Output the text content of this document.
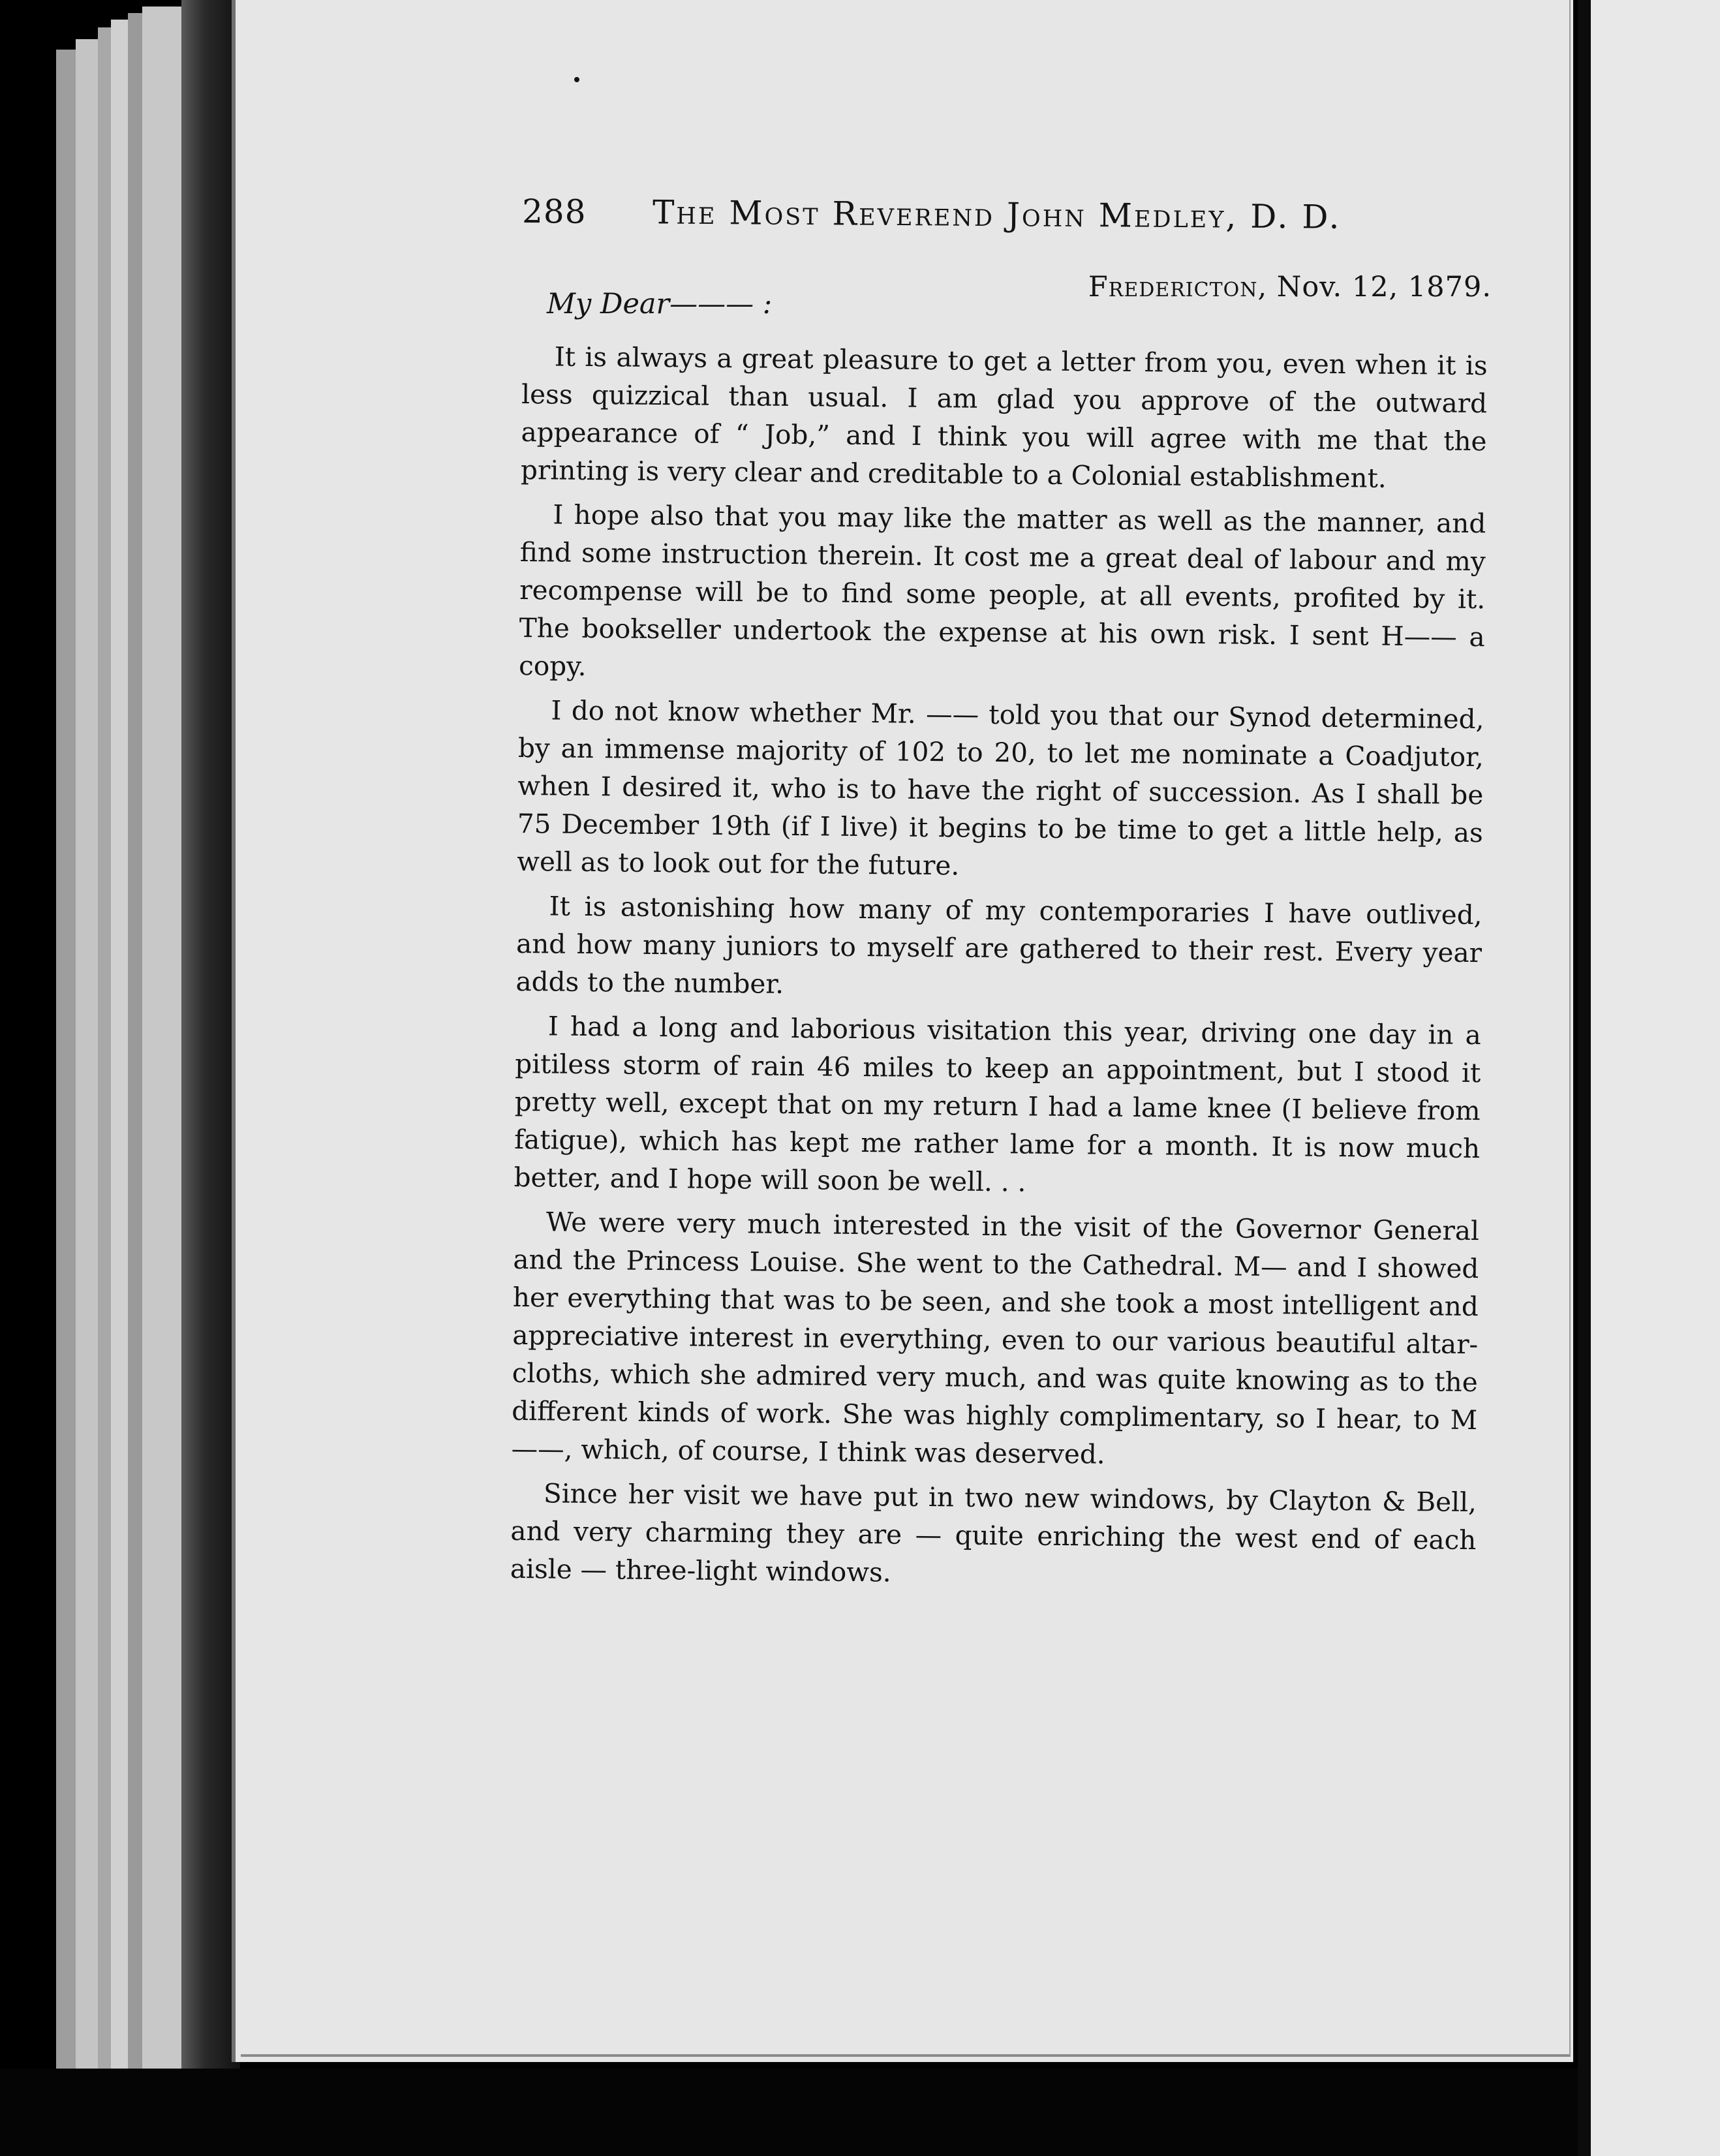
288	The Most Reverend John Medley, D. D.
My Dear——— :
Fredericton, Nov. 12, 1879.

It is always a great pleasure to get a letter from you, even when it is less quizzical than usual. I am glad you approve of the outward appearance of “ Job,” and I think you will agree with me that the printing is very clear and creditable to a Colonial establishment.

I hope also that you may like the matter as well as the manner, and find some instruction therein. It cost me a great deal of labour and my recompense will be to find some people, at all events, profited by it. The bookseller undertook the expense at his own risk. I sent H—— a copy.

I do not know whether Mr. —— told you that our Synod determined, by an immense majority of 102 to 20, to let me nominate a Coadjutor, when I desired it, who is to have the right of succession. As I shall be 75 December 19th (if I live) it begins to be time to get a little help, as well as to look out for the future.

It is astonishing how many of my contemporaries I have outlived, and how many juniors to myself are gathered to their rest. Every year adds to the number.

I had a long and laborious visitation this year, driving one day in a pitiless storm of rain 46 miles to keep an appointment, but I stood it pretty well, except that on my return I had a lame knee (I believe from fatigue), which has kept me rather lame for a month. It is now much better, and I hope will soon be well. . .

We were very much interested in the visit of the Governor General and the Princess Louise. She went to the Cathedral. M— and I showed her everything that was to be seen, and she took a most intelligent and appreciative interest in everything, even to our various beautiful altar-cloths, which she admired very much, and was quite knowing as to the different kinds of work. She was highly complimentary, so I hear, to M——, which, of course, I think was deserved.

Since her visit we have put in two new windows, by Clayton & Bell, and very charming they are — quite enriching the west end of each aisle — three-light windows.
